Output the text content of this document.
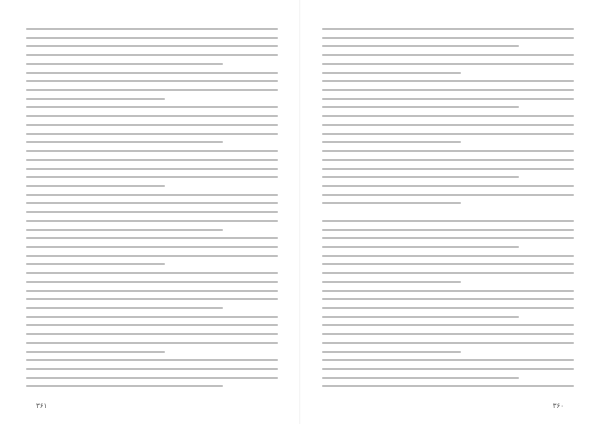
۳۶۱	۳۶۰
